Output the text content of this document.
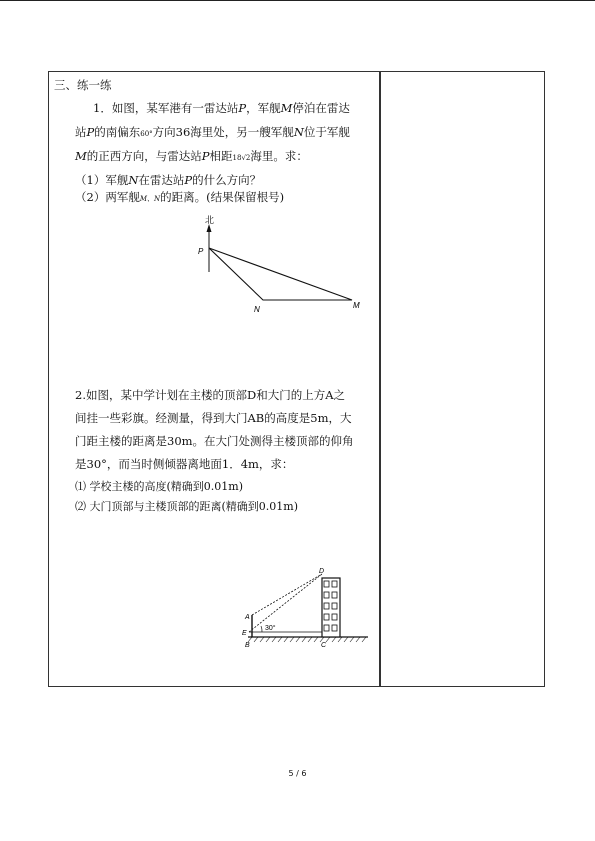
三、练一练
1．如图，某军港有一雷达站P，军舰M停泊在雷达
站P的南偏东60°方向36海里处，另一艘军舰N位于军舰
M的正西方向，与雷达站P相距18√2海里。求：
（1）军舰N在雷达站P的什么方向？
（2）两军舰M、N的距离。(结果保留根号)
北
P
N	M
2.如图，某中学计划在主楼的顶部D和大门的上方A之
间挂一些彩旗。经测量，得到大门AB的高度是5m，大
门距主楼的距离是30m。在大门处测得主楼顶部的仰角
是30°，而当时侧倾器离地面1．4m，求：
⑴ 学校主楼的高度(精确到0.01m)
⑵ 大门顶部与主楼顶部的距离(精确到0.01m)
30°
D
A
E
B	C
5 / 6
